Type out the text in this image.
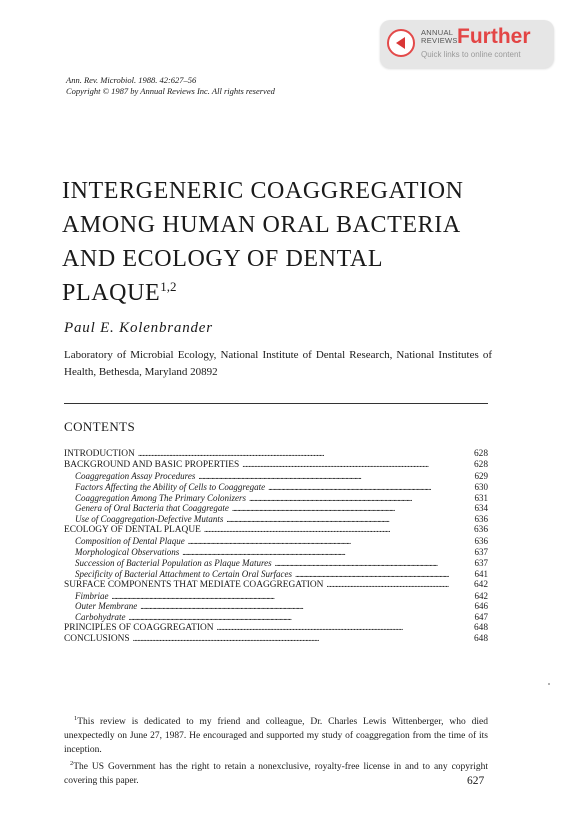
ANNUAL
REVIEWS Further
Quick links to online content
Ann. Rev. Microbiol. 1988. 42:627–56
Copyright © 1987 by Annual Reviews Inc. All rights reserved
INTERGENERIC COAGGREGATION
AMONG HUMAN ORAL BACTERIA
AND ECOLOGY OF DENTAL
PLAQUE$^{1,2}$
Paul E. Kolenbrander
Laboratory of Microbial Ecology, National Institute of Dental Research, National Institutes of Health, Bethesda, Maryland 20892
CONTENTS
INTRODUCTION . . .	628
BACKGROUND AND BASIC PROPERTIES . . .	628
Coaggregation Assay Procedures . . .	629
Factors Affecting the Ability of Cells to Coaggregate . . .	630
Coaggregation Among The Primary Colonizers . . .	631
Genera of Oral Bacteria that Coaggregate . . .	634
Use of Coaggregation-Defective Mutants . . .	636
ECOLOGY OF DENTAL PLAQUE . . .	636
Composition of Dental Plaque . . .	636
Morphological Observations . . .	637
Succession of Bacterial Population as Plaque Matures . . .	637
Specificity of Bacterial Attachment to Certain Oral Surfaces . . .	641
SURFACE COMPONENTS THAT MEDIATE COAGGREGATION . . .	642
Fimbriae . . .	642
Outer Membrane . . .	646
Carbohydrate . . .	647
PRINCIPLES OF COAGGREGATION . . .	648
CONCLUSIONS . . .	648

$^1$This review is dedicated to my friend and colleague, Dr. Charles Lewis Wittenberger, who died unexpectedly on June 27, 1987. He encouraged and supported my study of coaggregation from the time of its inception.

$^2$The US Government has the right to retain a nonexclusive, royalty-free license in and to any copyright covering this paper.	627
